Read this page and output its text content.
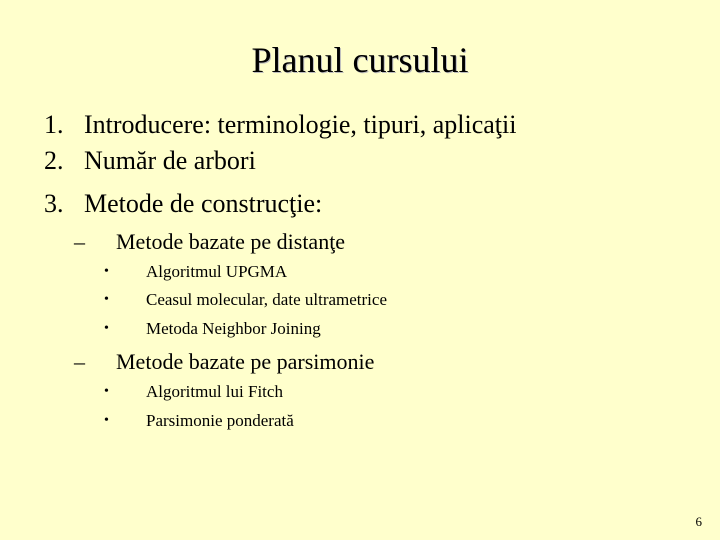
Planul cursului
1. Introducere: terminologie, tipuri, aplicaţii
2. Număr de arbori
3. Metode de construcţie:
– Metode bazate pe distanţe
• Algoritmul UPGMA
• Ceasul molecular, date ultrametrice
• Metoda Neighbor Joining
– Metode bazate pe parsimonie
• Algoritmul lui Fitch
• Parsimonie ponderată
6
